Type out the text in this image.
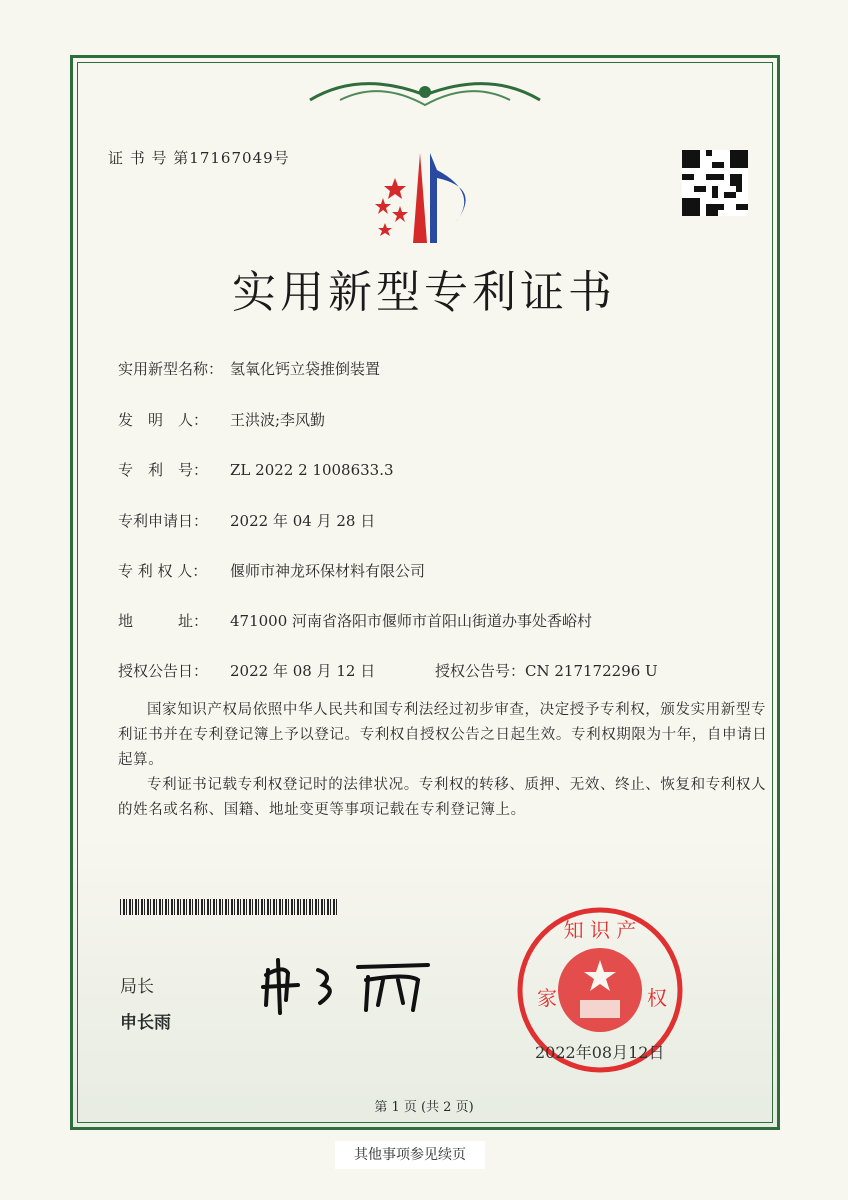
证 书 号 第17167049号
实用新型专利证书
实用新型名称： 氢氧化钙立袋推倒装置
发　明　人： 王洪波;李风勤
专　利　号： ZL 2022 2 1008633.3
专利申请日： 2022 年 04 月 28 日
专 利 权 人： 偃师市神龙环保材料有限公司
地　　　址： 471000 河南省洛阳市偃师市首阳山街道办事处香峪村
授权公告日： 2022 年 08 月 12 日	授权公告号：CN 217172296 U

国家知识产权局依照中华人民共和国专利法经过初步审查，决定授予专利权，颁发实用新型专利证书并在专利登记簿上予以登记。专利权自授权公告之日起生效。专利权期限为十年，自申请日起算。

专利证书记载专利权登记时的法律状况。专利权的转移、质押、无效、终止、恢复和专利权人的姓名或名称、国籍、地址变更等事项记载在专利登记簿上。

局长
申长雨
知 识 产
家	权
2022年08月12日
第 1 页 (共 2 页)
其他事项参见续页
